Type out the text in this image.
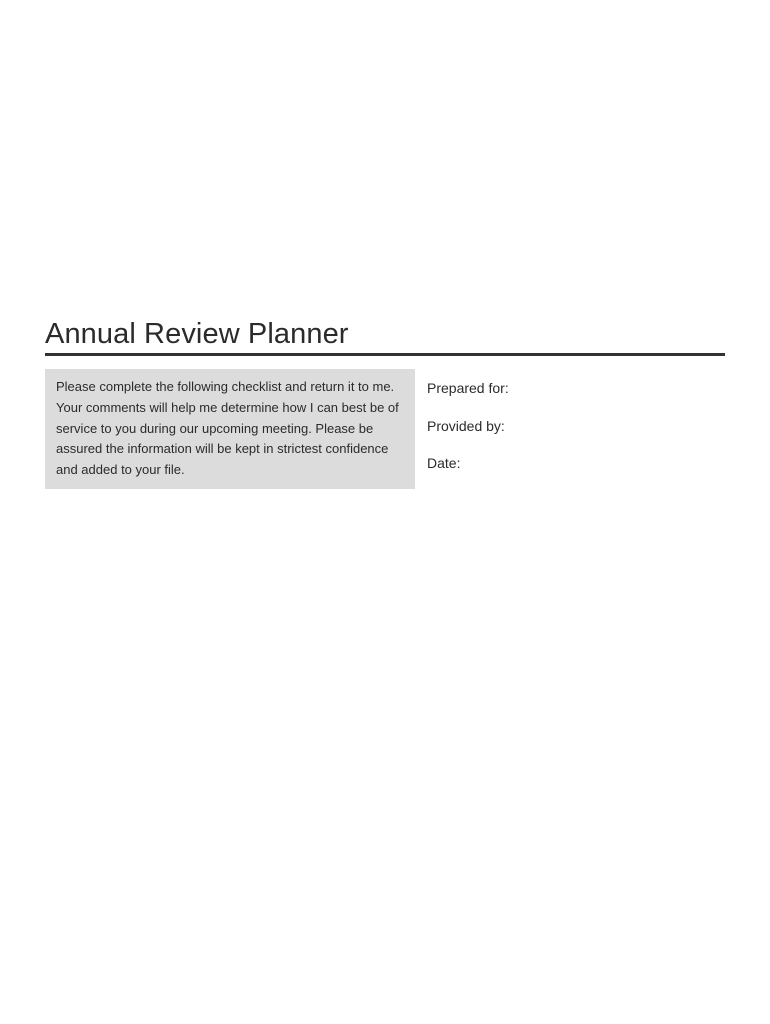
Annual Review Planner

Please complete the following checklist and return it to me. Your comments will help me determine how I can best be of service to you during our upcoming meeting. Please be assured the information will be kept in strictest confidence and added to your file.

Prepared for:
Provided by:
Date:
